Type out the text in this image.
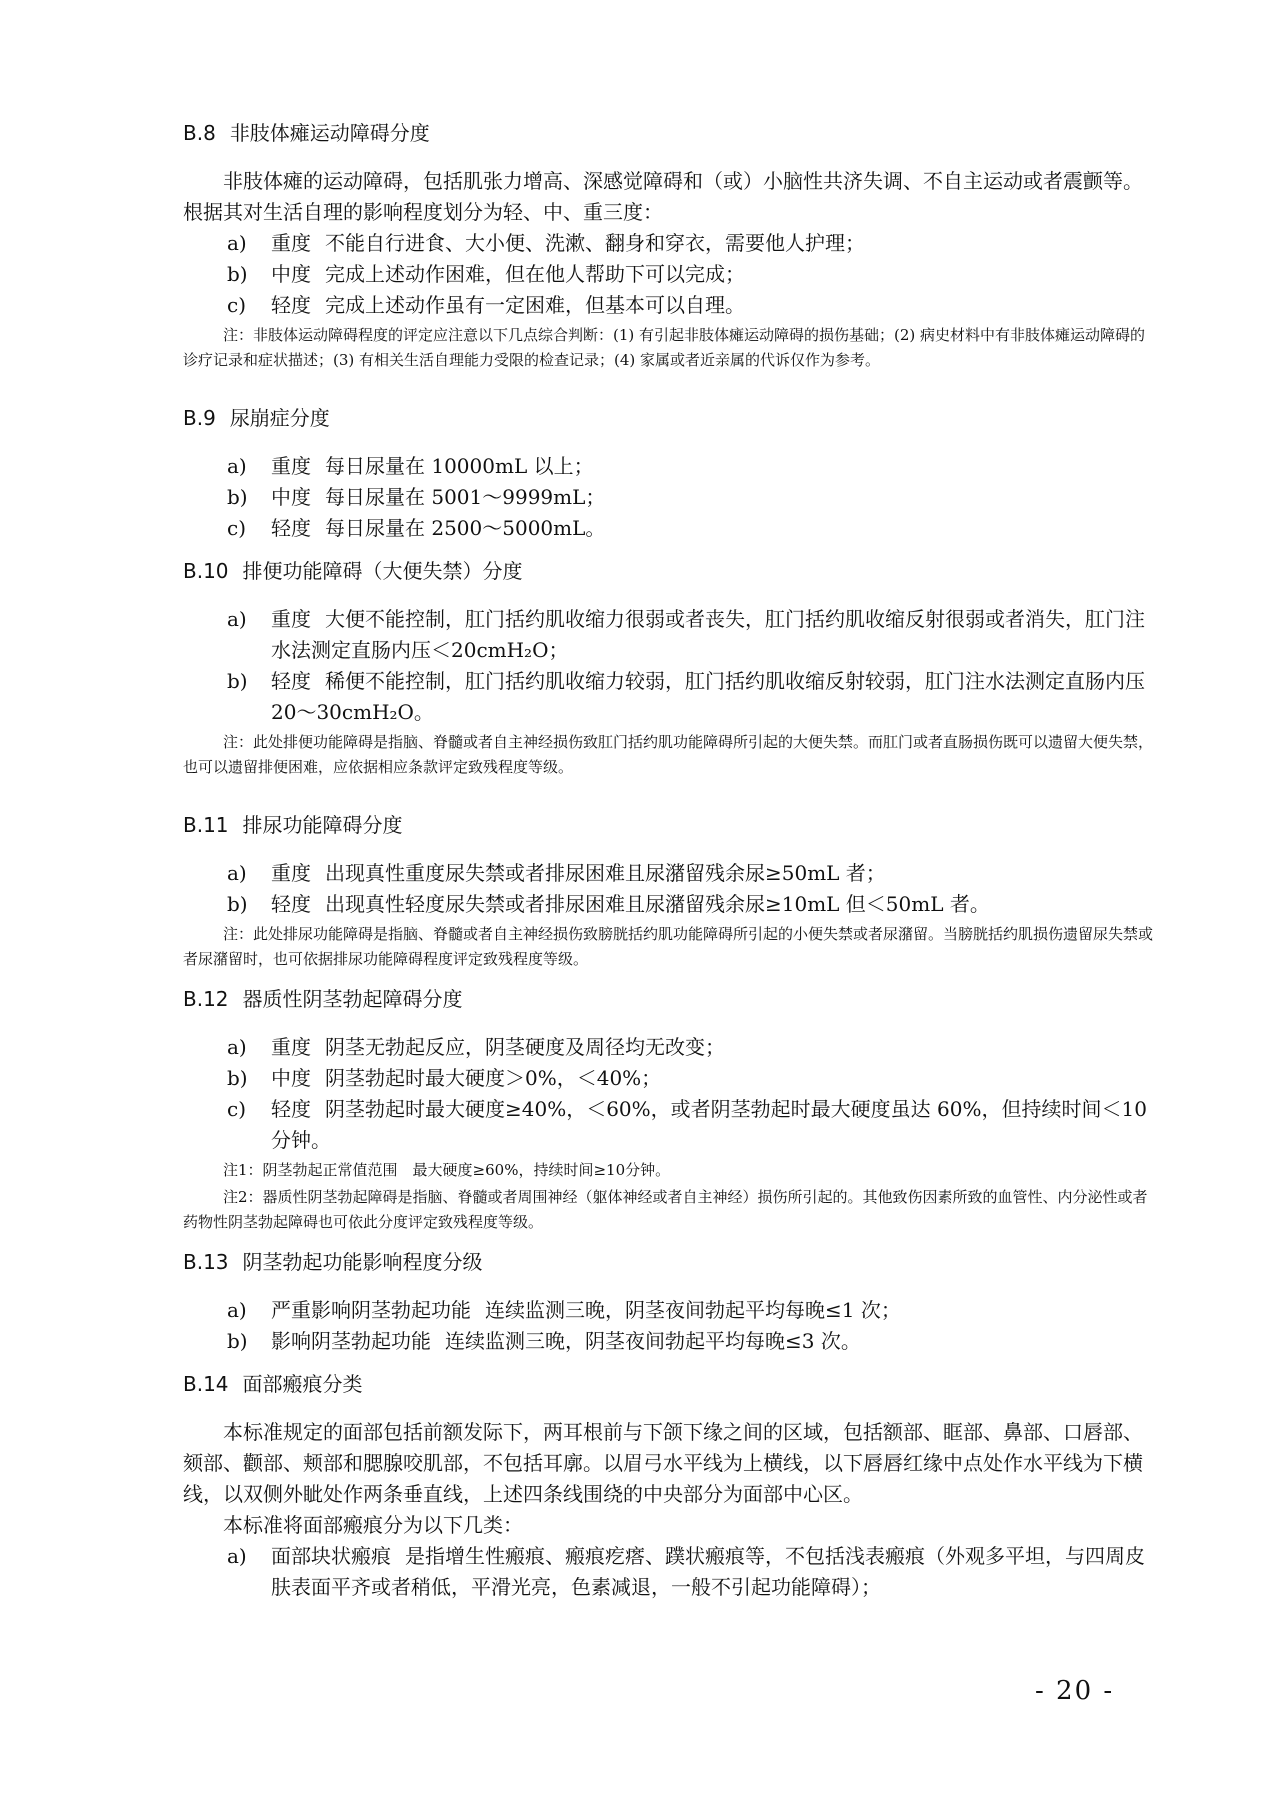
B.8 非肢体瘫运动障碍分度

非肢体瘫的运动障碍，包括肌张力增高、深感觉障碍和（或）小脑性共济失调、不自主运动或者震颤等。根据其对生活自理的影响程度划分为轻、中、重三度：

a) 重度 不能自行进食、大小便、洗漱、翻身和穿衣，需要他人护理；
b) 中度 完成上述动作困难，但在他人帮助下可以完成；
c) 轻度 完成上述动作虽有一定困难，但基本可以自理。

注：非肢体运动障碍程度的评定应注意以下几点综合判断：(1) 有引起非肢体瘫运动障碍的损伤基础；(2) 病史材料中有非肢体瘫运动障碍的诊疗记录和症状描述；(3) 有相关生活自理能力受限的检查记录；(4) 家属或者近亲属的代诉仅作为参考。

B.9 尿崩症分度
a) 重度 每日尿量在 10000mL 以上；
b) 中度 每日尿量在 5001～9999mL；
c) 轻度 每日尿量在 2500～5000mL。
B.10 排便功能障碍（大便失禁）分度
a) 重度 大便不能控制，肛门括约肌收缩力很弱或者丧失，肛门括约肌收缩反射很弱或者消失，肛门注水法测定直肠内压＜20cmH₂O；
b) 轻度 稀便不能控制，肛门括约肌收缩力较弱，肛门括约肌收缩反射较弱，肛门注水法测定直肠内压 20～30cmH₂O。

注：此处排便功能障碍是指脑、脊髓或者自主神经损伤致肛门括约肌功能障碍所引起的大便失禁。而肛门或者直肠损伤既可以遗留大便失禁，也可以遗留排便困难，应依据相应条款评定致残程度等级。

B.11 排尿功能障碍分度
a) 重度 出现真性重度尿失禁或者排尿困难且尿潴留残余尿≥50mL 者；
b) 轻度 出现真性轻度尿失禁或者排尿困难且尿潴留残余尿≥10mL 但＜50mL 者。

注：此处排尿功能障碍是指脑、脊髓或者自主神经损伤致膀胱括约肌功能障碍所引起的小便失禁或者尿潴留。当膀胱括约肌损伤遗留尿失禁或者尿潴留时，也可依据排尿功能障碍程度评定致残程度等级。

B.12 器质性阴茎勃起障碍分度
a) 重度 阴茎无勃起反应，阴茎硬度及周径均无改变；
b) 中度 阴茎勃起时最大硬度＞0%，＜40%；
c) 轻度 阴茎勃起时最大硬度≥40%，＜60%，或者阴茎勃起时最大硬度虽达 60%，但持续时间＜10 分钟。

注1：阴茎勃起正常值范围　最大硬度≥60%，持续时间≥10分钟。

注2：器质性阴茎勃起障碍是指脑、脊髓或者周围神经（躯体神经或者自主神经）损伤所引起的。其他致伤因素所致的血管性、内分泌性或者药物性阴茎勃起障碍也可依此分度评定致残程度等级。

B.13 阴茎勃起功能影响程度分级
a) 严重影响阴茎勃起功能 连续监测三晚，阴茎夜间勃起平均每晚≤1 次；
b) 影响阴茎勃起功能 连续监测三晚，阴茎夜间勃起平均每晚≤3 次。
B.14 面部瘢痕分类

本标准规定的面部包括前额发际下，两耳根前与下颌下缘之间的区域，包括额部、眶部、鼻部、口唇部、颏部、颧部、颊部和腮腺咬肌部，不包括耳廓。以眉弓水平线为上横线，以下唇唇红缘中点处作水平线为下横线，以双侧外眦处作两条垂直线，上述四条线围绕的中央部分为面部中心区。

本标准将面部瘢痕分为以下几类：

a) 面部块状瘢痕 是指增生性瘢痕、瘢痕疙瘩、蹼状瘢痕等，不包括浅表瘢痕（外观多平坦，与四周皮肤表面平齐或者稍低，平滑光亮，色素减退，一般不引起功能障碍）；
- 20 -
